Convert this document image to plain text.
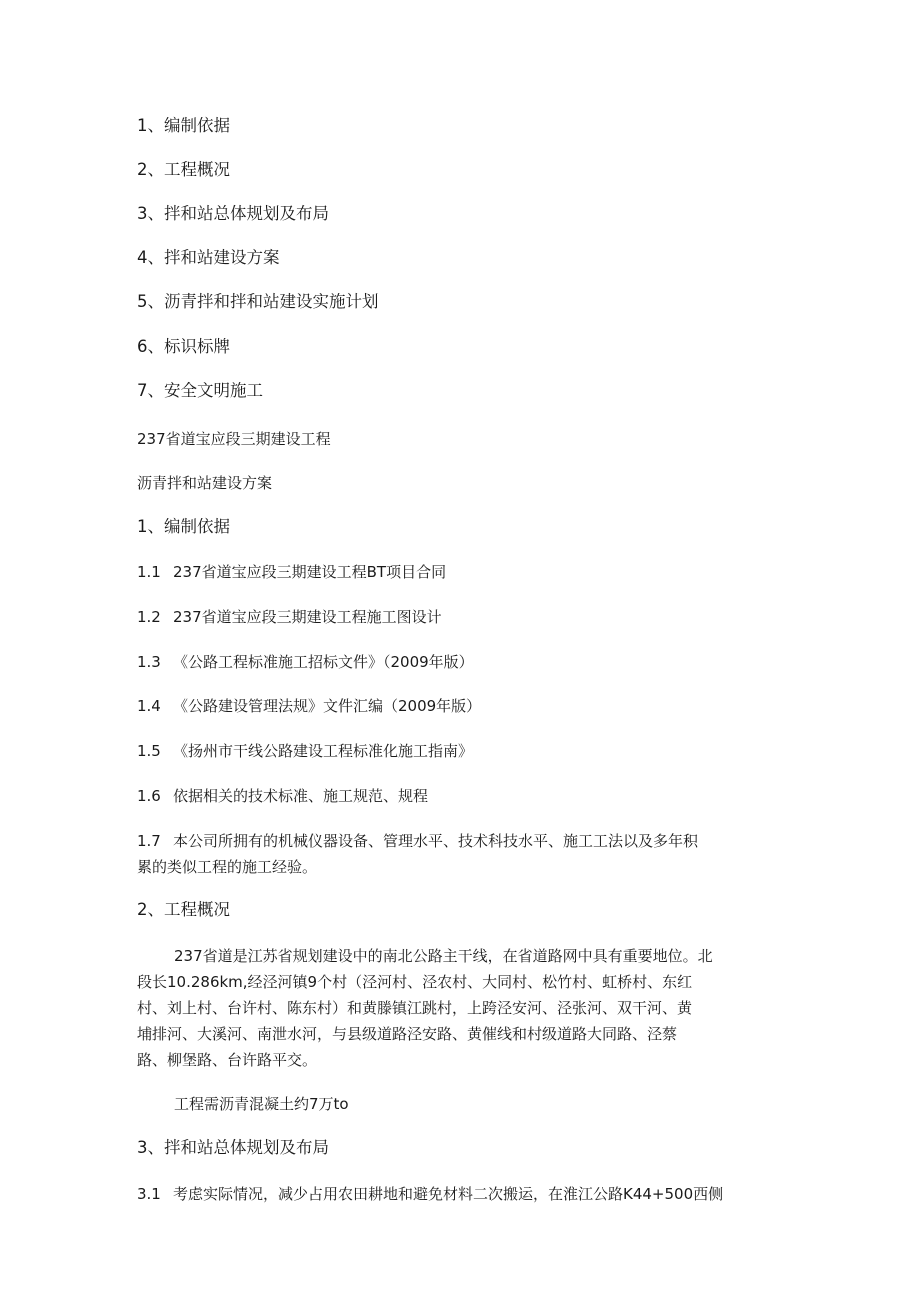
1、编制依据
2、工程概况
3、拌和站总体规划及布局
4、拌和站建设方案
5、沥青拌和拌和站建设实施计划
6、标识标牌
7、安全文明施工
237省道宝应段三期建设工程
沥青拌和站建设方案
1、编制依据
1.1 237省道宝应段三期建设工程BT项目合同
1.2 237省道宝应段三期建设工程施工图设计
1.3 《公路工程标准施工招标文件》（2009年版）
1.4 《公路建设管理法规》文件汇编（2009年版）
1.5 《扬州市干线公路建设工程标准化施工指南》
1.6 依据相关的技术标准、施工规范、规程
1.7 本公司所拥有的机械仪器设备、管理水平、技术科技水平、施工工法以及多年积
累的类似工程的施工经验。
2、工程概况
237省道是江苏省规划建设中的南北公路主干线，在省道路网中具有重要地位。北
段长10.286km,经泾河镇9个村（泾河村、泾农村、大同村、松竹村、虹桥村、东红
村、刘上村、台许村、陈东村）和黄滕镇江跳村，上跨泾安河、泾张河、双干河、黄
埔排河、大溪河、南泄水河，与县级道路泾安路、黄催线和村级道路大同路、泾蔡
路、柳堡路、台许路平交。
工程需沥青混凝土约7万to
3、拌和站总体规划及布局
3.1 考虑实际情况，减少占用农田耕地和避免材料二次搬运，在淮江公路K44+500西侧
